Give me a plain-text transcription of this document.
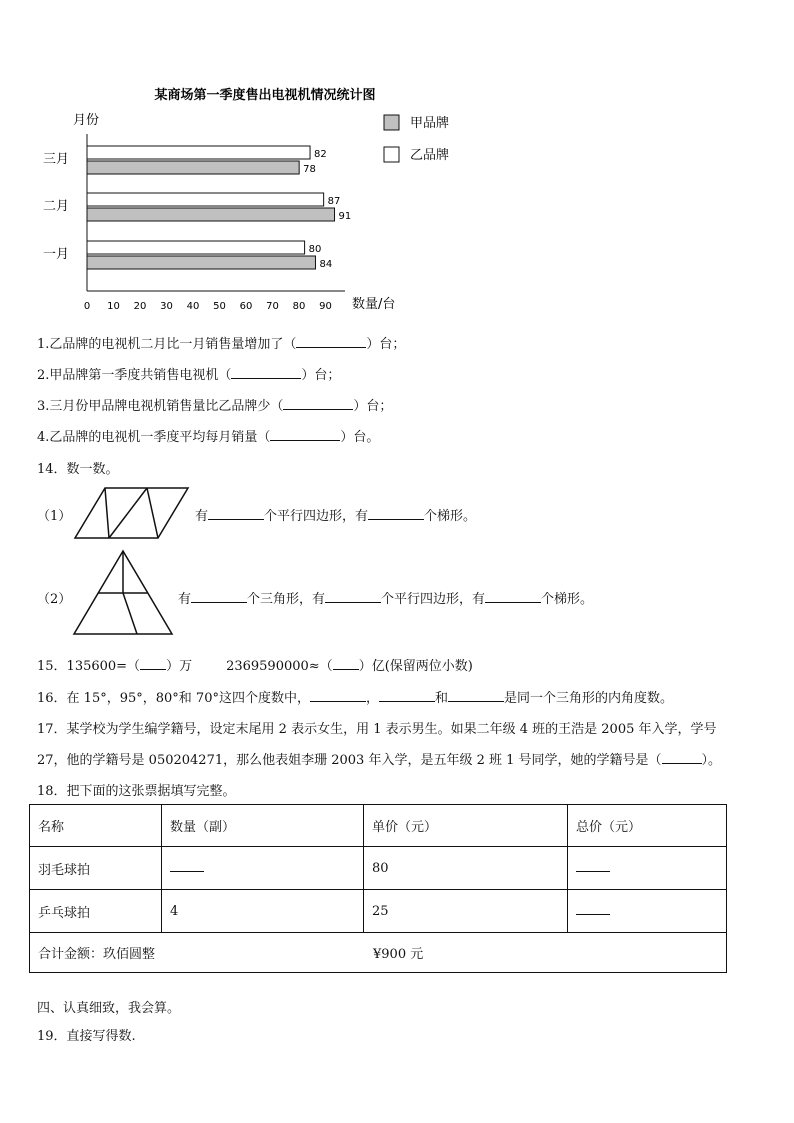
某商场第一季度售出电视机情况统计图
月份
数量/台
三月	82
78
二月	87
91
一月	80
84
0 10 20 30 40 50 60 70 80 90
甲品牌
乙品牌
1.乙品牌的电视机二月比一月销售量增加了（	）台；
2.甲品牌第一季度共销售电视机（	）台；
3.三月份甲品牌电视机销售量比乙品牌少（	）台；
4.乙品牌的电视机一季度平均每月销量（	）台。
14．数一数。
（1）	有	个平行四边形，有	个梯形。
（2）	有	个三角形，有	个平行四边形，有	个梯形。
15．135600=（ ）万	2369590000≈（ ）亿(保留两位小数)
16．在 15°，95°，80°和 70°这四个度数中，	，	和	是同一个三角形的内角度数。
17．某学校为学生编学籍号，设定末尾用 2 表示女生，用 1 表示男生。如果二年级 4 班的王浩是 2005 年入学，学号
27，他的学籍号是 050204271，那么他表姐李珊 2003 年入学，是五年级 2 班 1 号同学，她的学籍号是（	）。
18．把下面的这张票据填写完整。
名称	数量（副）	单价（元）	总价（元）
羽毛球拍		80	
乒乓球拍	4	25	
合计金额：玖佰圆整 ¥900 元			
四、认真细致，我会算。
19．直接写得数.
